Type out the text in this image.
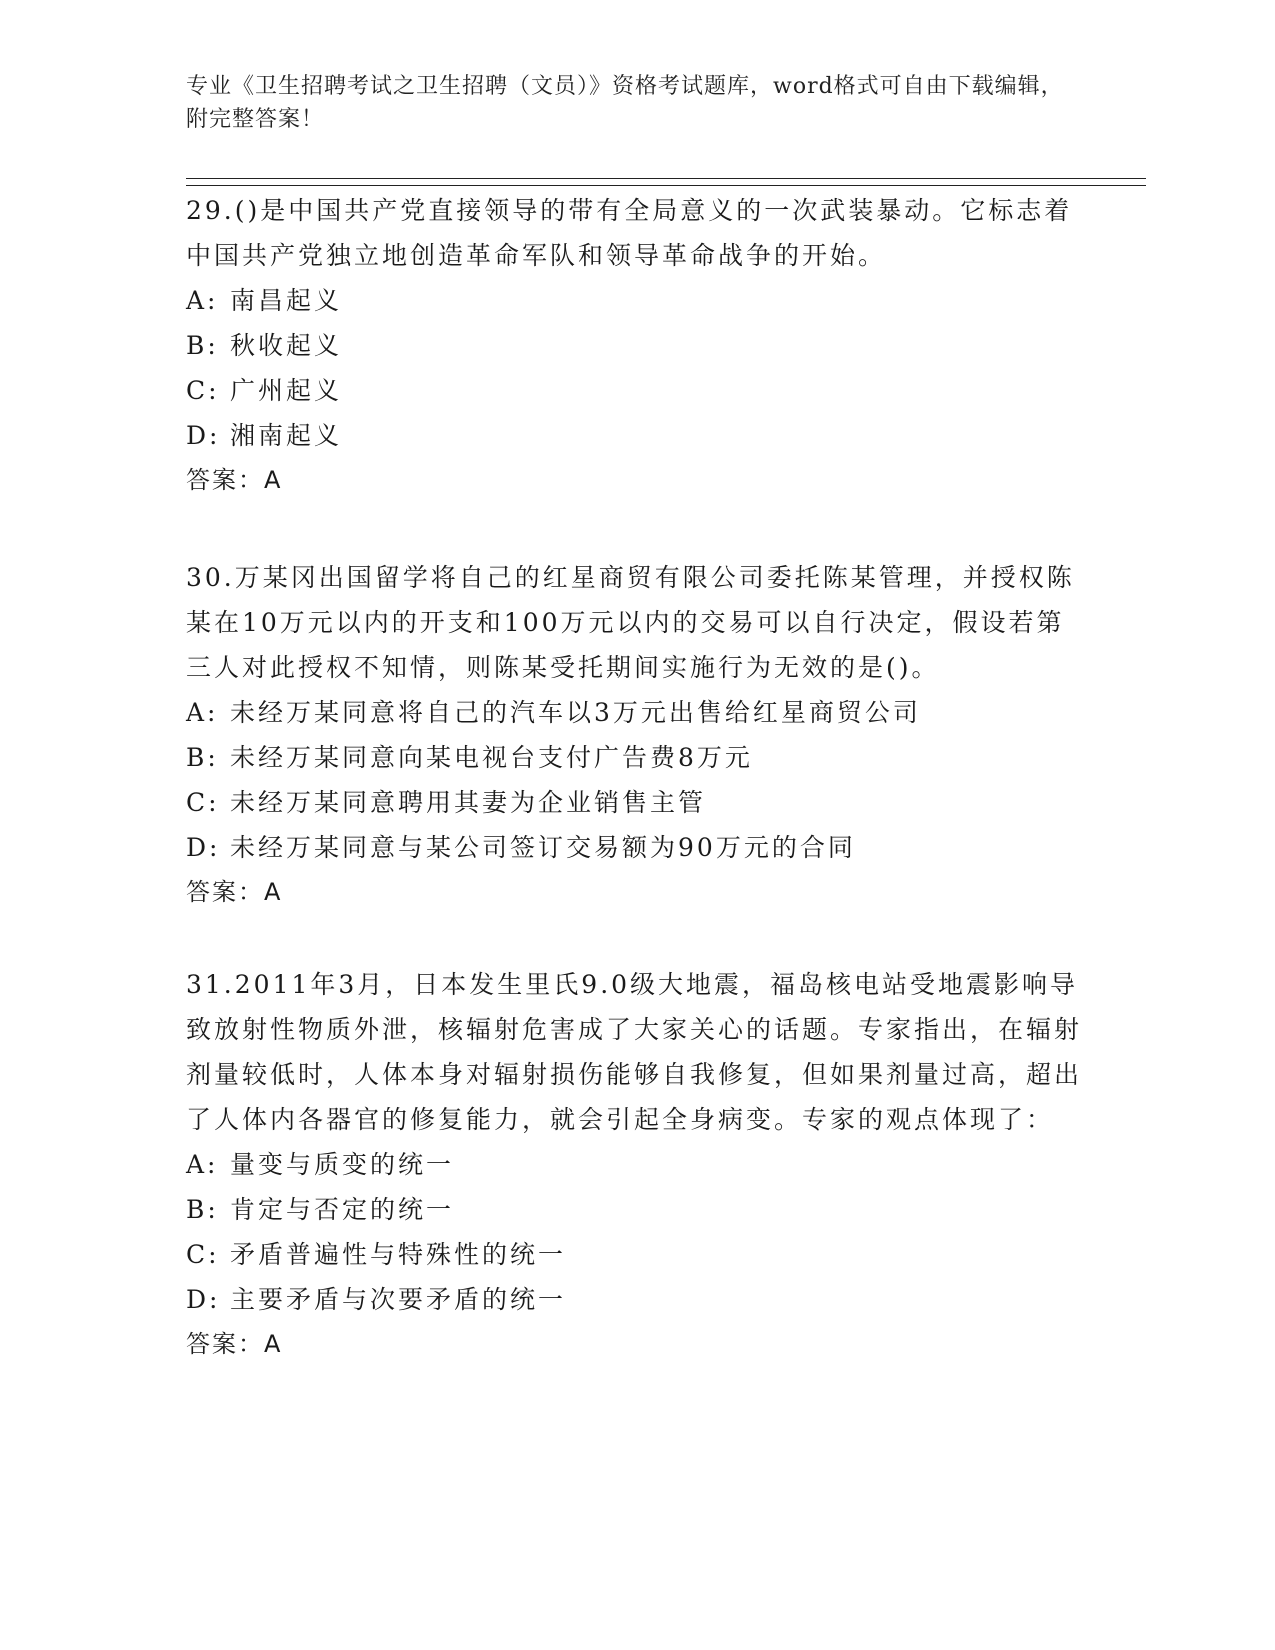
专业《卫生招聘考试之卫生招聘（文员）》资格考试题库，word格式可自由下载编辑，附完整答案！

29.()是中国共产党直接领导的带有全局意义的一次武装暴动。它标志着中国共产党独立地创造革命军队和领导革命战争的开始。

A: 南昌起义
B: 秋收起义
C: 广州起义
D: 湘南起义
答案：A

30.万某冈出国留学将自己的红星商贸有限公司委托陈某管理，并授权陈某在10万元以内的开支和100万元以内的交易可以自行决定，假设若第三人对此授权不知情，则陈某受托期间实施行为无效的是()。

A: 未经万某同意将自己的汽车以3万元出售给红星商贸公司
B: 未经万某同意向某电视台支付广告费8万元
C: 未经万某同意聘用其妻为企业销售主管
D: 未经万某同意与某公司签订交易额为90万元的合同
答案：A

31.2011年3月，日本发生里氏9.0级大地震，福岛核电站受地震影响导致放射性物质外泄，核辐射危害成了大家关心的话题。专家指出，在辐射剂量较低时，人体本身对辐射损伤能够自我修复，但如果剂量过高，超出了人体内各器官的修复能力，就会引起全身病变。专家的观点体现了：

A: 量变与质变的统一
B: 肯定与否定的统一
C: 矛盾普遍性与特殊性的统一
D: 主要矛盾与次要矛盾的统一
答案：A
